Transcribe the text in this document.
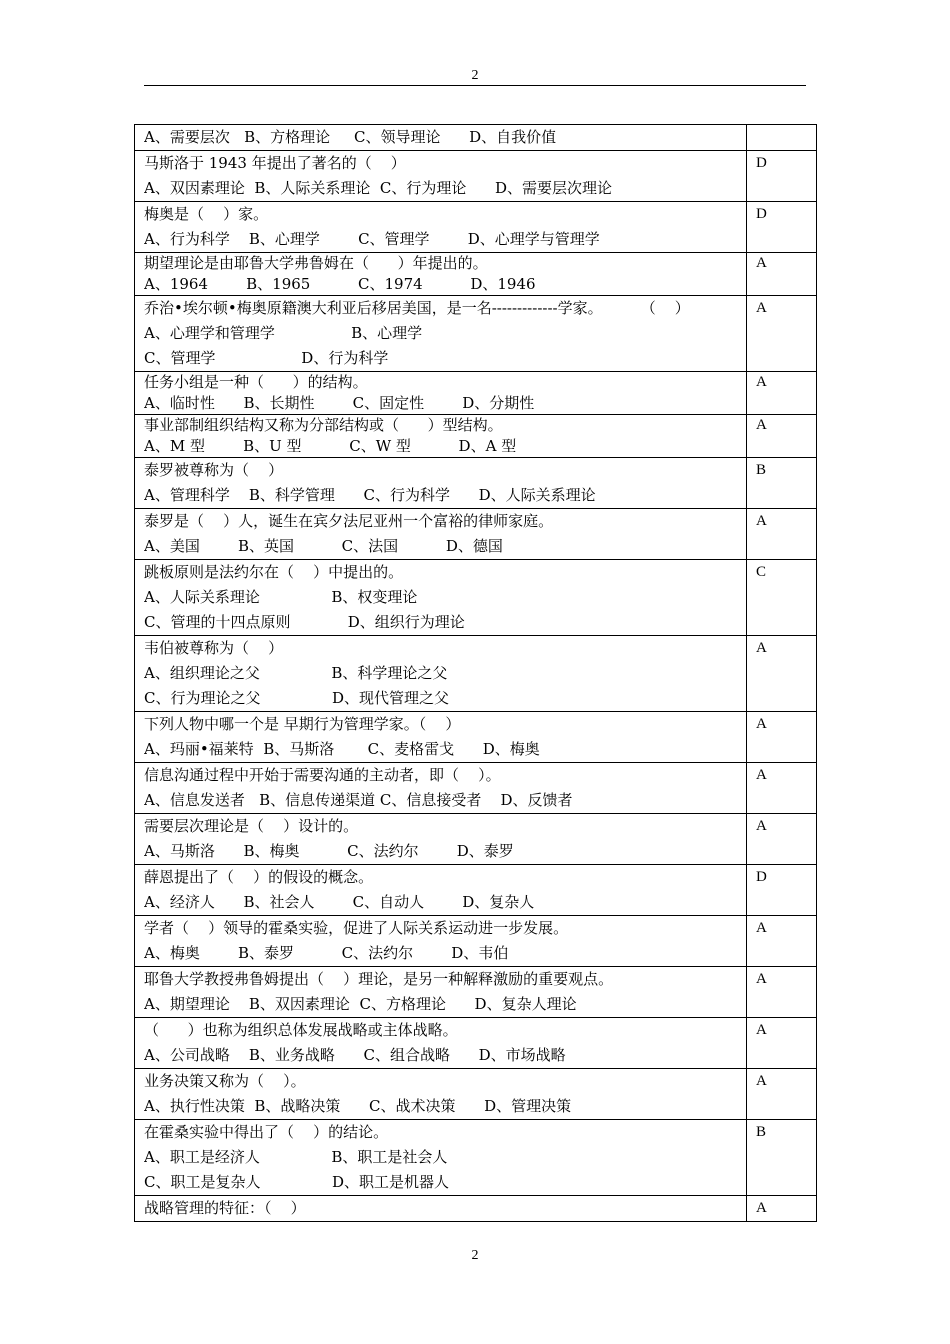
2
A、需要层次   B、方格理论     C、领导理论      D、自我价值	

马斯洛于 1943 年提出了著名的（    ）
A、双因素理论  B、人际关系理论  C、行为理论      D、需要层次理论	D

梅奥是（    ）家。
A、行为科学    B、心理学        C、管理学        D、心理学与管理学	D

期望理论是由耶鲁大学弗鲁姆在（      ）年提出的。
A、1964        B、1965          C、1974          D、1946	A

乔治•埃尔顿•梅奥原籍澳大利亚后移居美国，是一名-------------学家。        （    ）
A、心理学和管理学                B、心理学
C、管理学                  D、行为科学	A

任务小组是一种（      ）的结构。
A、临时性      B、长期性        C、固定性        D、分期性	A

事业部制组织结构又称为分部结构或（      ）型结构。
A、M 型        B、U 型          C、W 型          D、A 型	A

泰罗被尊称为（    ）
A、管理科学    B、科学管理      C、行为科学      D、人际关系理论	B

泰罗是（    ）人，诞生在宾夕法尼亚州一个富裕的律师家庭。
A、美国        B、英国          C、法国          D、德国	A

跳板原则是法约尔在（    ）中提出的。
A、人际关系理论               B、权变理论
C、管理的十四点原则            D、组织行为理论	C

韦伯被尊称为（    ）
A、组织理论之父               B、科学理论之父
C、行为理论之父               D、现代管理之父	A

下列人物中哪一个是 早期行为管理学家。（    ）
A、玛丽•福莱特  B、马斯洛       C、麦格雷戈      D、梅奥	A

信息沟通过程中开始于需要沟通的主动者，即（    ）。
A、信息发送者   B、信息传递渠道 C、信息接受者    D、反馈者	A

需要层次理论是（    ）设计的。
A、马斯洛      B、梅奥          C、法约尔        D、泰罗	A

薛恩提出了（    ）的假设的概念。
A、经济人      B、社会人        C、自动人        D、复杂人	D

学者（    ）领导的霍桑实验，促进了人际关系运动进一步发展。
A、梅奥        B、泰罗          C、法约尔        D、韦伯	A

耶鲁大学教授弗鲁姆提出（    ）理论，是另一种解释激励的重要观点。
A、期望理论    B、双因素理论  C、方格理论      D、复杂人理论	A

（      ）也称为组织总体发展战略或主体战略。
A、公司战略    B、业务战略      C、组合战略      D、市场战略	A

业务决策又称为（    ）。
A、执行性决策  B、战略决策      C、战术决策      D、管理决策	A

在霍桑实验中得出了（    ）的结论。
A、职工是经济人               B、职工是社会人
C、职工是复杂人               D、职工是机器人	B

战略管理的特征：（    ）	A
2
